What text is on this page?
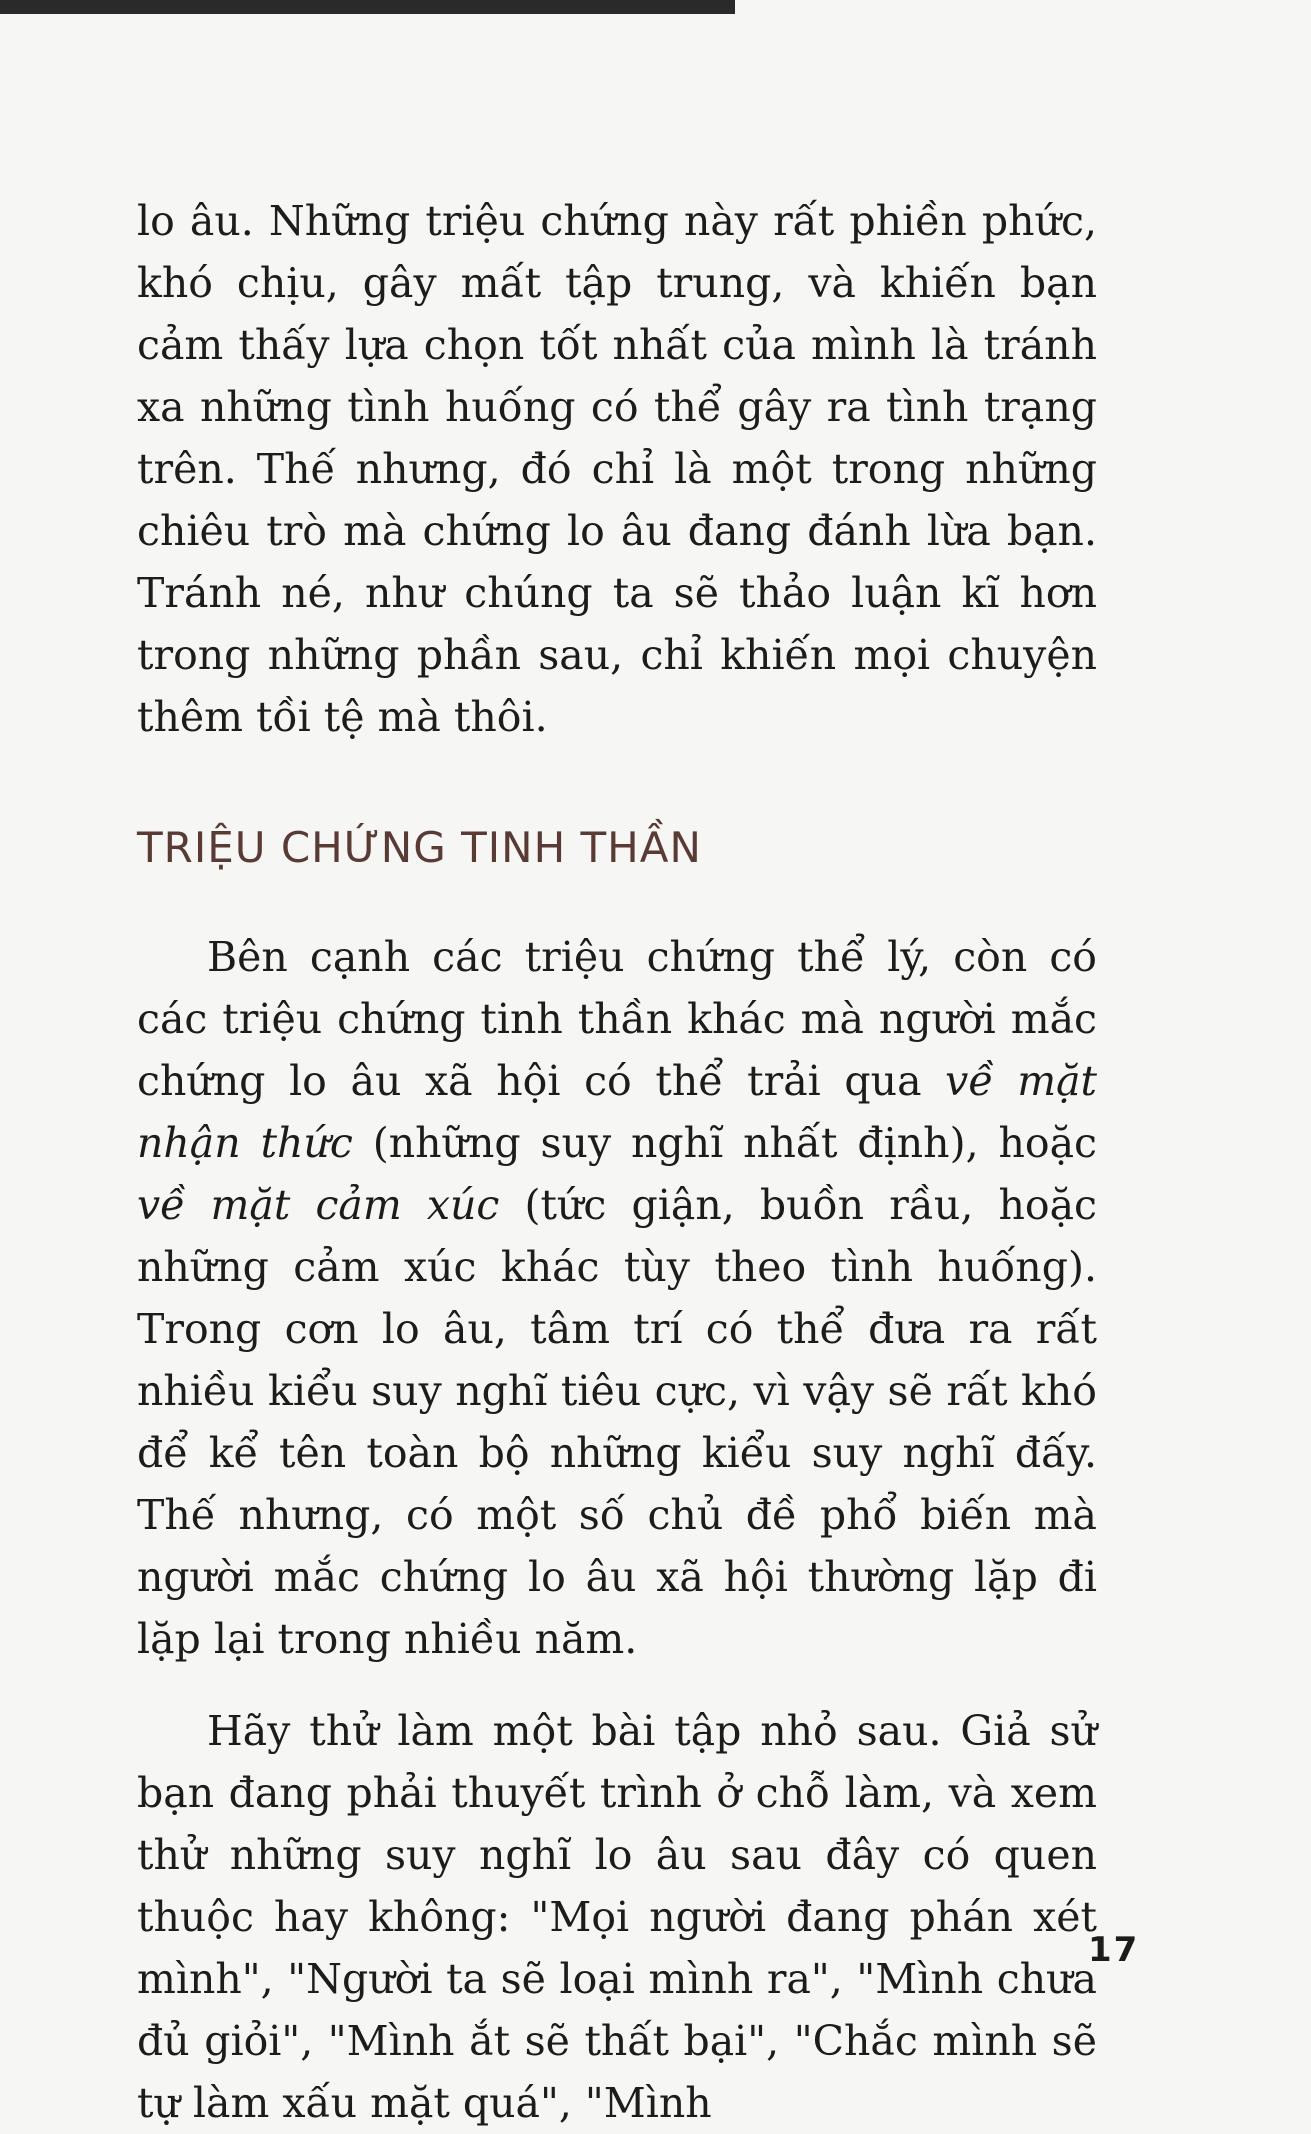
lo âu. Những triệu chứng này rất phiền phức, khó chịu, gây mất tập trung, và khiến bạn cảm thấy lựa chọn tốt nhất của mình là tránh xa những tình huống có thể gây ra tình trạng trên. Thế nhưng, đó chỉ là một trong những chiêu trò mà chứng lo âu đang đánh lừa bạn. Tránh né, như chúng ta sẽ thảo luận kĩ hơn trong những phần sau, chỉ khiến mọi chuyện thêm tồi tệ mà thôi.

TRIỆU CHỨNG TINH THẦN

Bên cạnh các triệu chứng thể lý, còn có các triệu chứng tinh thần khác mà người mắc chứng lo âu xã hội có thể trải qua về mặt nhận thức (những suy nghĩ nhất định), hoặc về mặt cảm xúc (tức giận, buồn rầu, hoặc những cảm xúc khác tùy theo tình huống). Trong cơn lo âu, tâm trí có thể đưa ra rất nhiều kiểu suy nghĩ tiêu cực, vì vậy sẽ rất khó để kể tên toàn bộ những kiểu suy nghĩ đấy. Thế nhưng, có một số chủ đề phổ biến mà người mắc chứng lo âu xã hội thường lặp đi lặp lại trong nhiều năm.

Hãy thử làm một bài tập nhỏ sau. Giả sử bạn đang phải thuyết trình ở chỗ làm, và xem thử những suy nghĩ lo âu sau đây có quen thuộc hay không: "Mọi người đang phán xét mình", "Người ta sẽ loại mình ra", "Mình chưa đủ giỏi", "Mình ắt sẽ thất bại", "Chắc mình sẽ tự làm xấu mặt quá", "Mình

17
